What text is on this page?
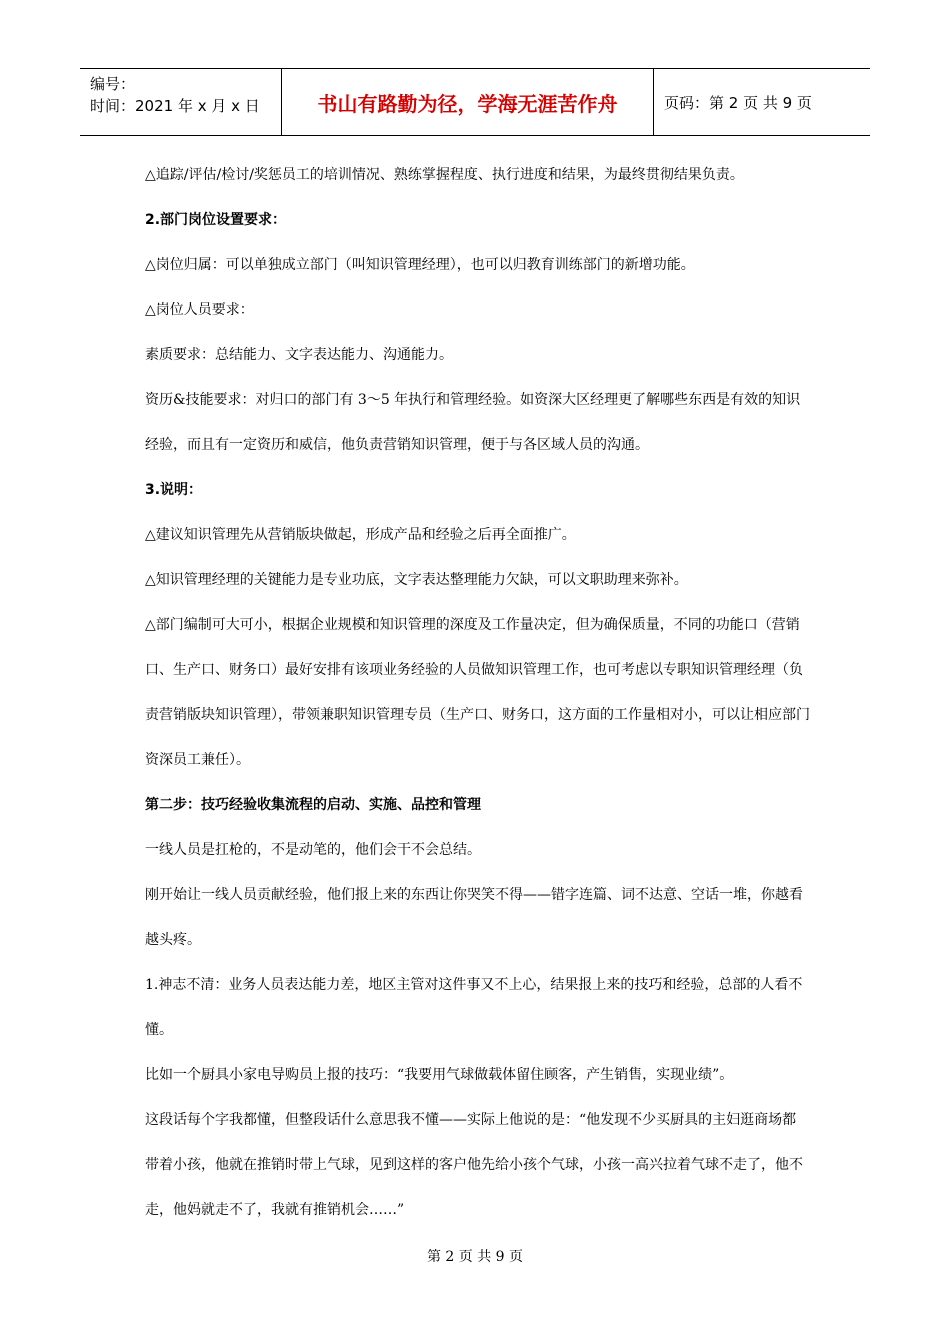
编号：
时间：2021 年 x 月 x 日	书山有路勤为径，学海无涯苦作舟	页码：第 2 页 共 9 页

△追踪/评估/检讨/奖惩员工的培训情况、熟练掌握程度、执行进度和结果，为最终贯彻结果负责。

2.部门岗位设置要求：

△岗位归属：可以单独成立部门（叫知识管理经理），也可以归教育训练部门的新增功能。

△岗位人员要求：

素质要求：总结能力、文字表达能力、沟通能力。

资历&技能要求：对归口的部门有 3～5 年执行和管理经验。如资深大区经理更了解哪些东西是有效的知识经验，而且有一定资历和威信，他负责营销知识管理，便于与各区域人员的沟通。

3.说明：

△建议知识管理先从营销版块做起，形成产品和经验之后再全面推广。

△知识管理经理的关键能力是专业功底，文字表达整理能力欠缺，可以文职助理来弥补。

△部门编制可大可小，根据企业规模和知识管理的深度及工作量决定，但为确保质量，不同的功能口（营销口、生产口、财务口）最好安排有该项业务经验的人员做知识管理工作，也可考虑以专职知识管理经理（负责营销版块知识管理），带领兼职知识管理专员（生产口、财务口，这方面的工作量相对小，可以让相应部门资深员工兼任）。

第二步：技巧经验收集流程的启动、实施、品控和管理

一线人员是扛枪的，不是动笔的，他们会干不会总结。

刚开始让一线人员贡献经验，他们报上来的东西让你哭笑不得——错字连篇、词不达意、空话一堆，你越看越头疼。

1.神志不清：业务人员表达能力差，地区主管对这件事又不上心，结果报上来的技巧和经验，总部的人看不懂。

比如一个厨具小家电导购员上报的技巧：“我要用气球做载体留住顾客，产生销售，实现业绩”。

这段话每个字我都懂，但整段话什么意思我不懂——实际上他说的是：“他发现不少买厨具的主妇逛商场都带着小孩，他就在推销时带上气球，见到这样的客户他先给小孩个气球，小孩一高兴拉着气球不走了，他不走，他妈就走不了，我就有推销机会……”

第 2 页 共 9 页
